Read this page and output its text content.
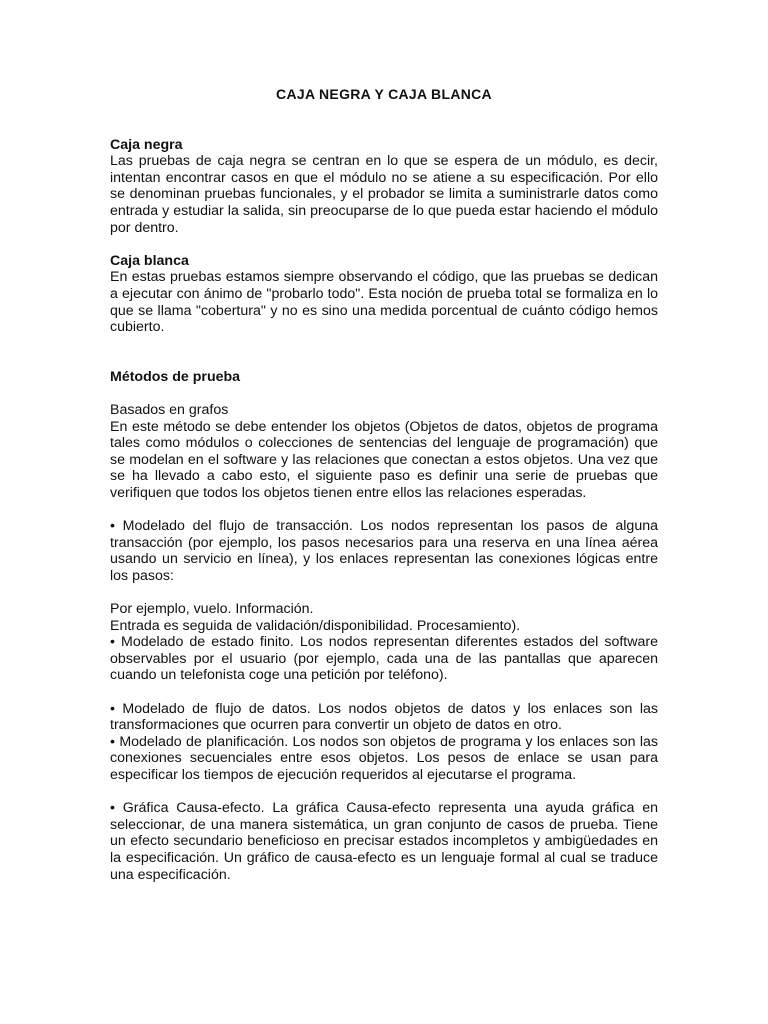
CAJA NEGRA Y CAJA BLANCA

Caja negra

Las pruebas de caja negra se centran en lo que se espera de un módulo, es decir, intentan encontrar casos en que el módulo no se atiene a su especificación. Por ello se denominan pruebas funcionales, y el probador se limita a suministrarle datos como entrada y estudiar la salida, sin preocuparse de lo que pueda estar haciendo el módulo por dentro.

Caja blanca

En estas pruebas estamos siempre observando el código, que las pruebas se dedican a ejecutar con ánimo de "probarlo todo". Esta noción de prueba total se formaliza en lo que se llama "cobertura" y no es sino una medida porcentual de cuánto código hemos cubierto.

Métodos de prueba

Basados en grafos

En este método se debe entender los objetos (Objetos de datos, objetos de programa tales como módulos o colecciones de sentencias del lenguaje de programación) que se modelan en el software y las relaciones que conectan a estos objetos. Una vez que se ha llevado a cabo esto, el siguiente paso es definir una serie de pruebas que verifiquen que todos los objetos tienen entre ellos las relaciones esperadas.

• Modelado del flujo de transacción. Los nodos representan los pasos de alguna transacción (por ejemplo, los pasos necesarios para una reserva en una línea aérea usando un servicio en línea), y los enlaces representan las conexiones lógicas entre los pasos:

Por ejemplo, vuelo. Información.

Entrada es seguida de validación/disponibilidad. Procesamiento).

• Modelado de estado finito. Los nodos representan diferentes estados del software observables por el usuario (por ejemplo, cada una de las pantallas que aparecen cuando un telefonista coge una petición por teléfono).

• Modelado de flujo de datos. Los nodos objetos de datos y los enlaces son las transformaciones que ocurren para convertir un objeto de datos en otro.

• Modelado de planificación. Los nodos son objetos de programa y los enlaces son las conexiones secuenciales entre esos objetos. Los pesos de enlace se usan para especificar los tiempos de ejecución requeridos al ejecutarse el programa.

• Gráfica Causa-efecto. La gráfica Causa-efecto representa una ayuda gráfica en seleccionar, de una manera sistemática, un gran conjunto de casos de prueba. Tiene un efecto secundario beneficioso en precisar estados incompletos y ambigüedades en la especificación. Un gráfico de causa-efecto es un lenguaje formal al cual se traduce una especificación.
